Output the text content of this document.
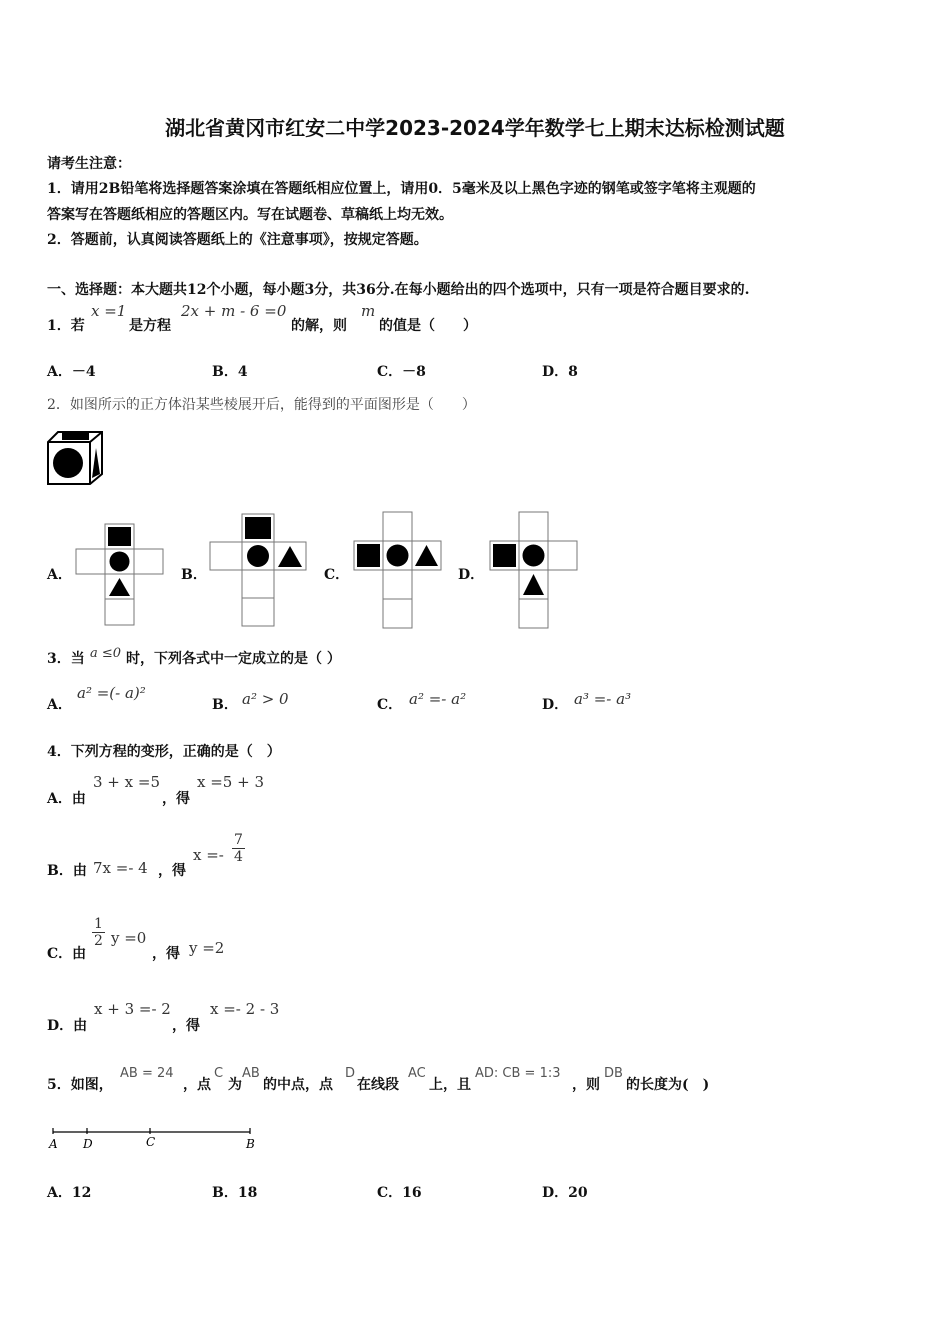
湖北省黄冈市红安二中学2023-2024学年数学七上期末达标检测试题
请考生注意：
1．请用2B铅笔将选择题答案涂填在答题纸相应位置上，请用0．5毫米及以上黑色字迹的钢笔或签字笔将主观题的
答案写在答题纸相应的答题区内。写在试题卷、草稿纸上均无效。
2．答题前，认真阅读答题纸上的《注意事项》，按规定答题。
一、选择题：本大题共12个小题，每小题3分，共36分.在每小题给出的四个选项中，只有一项是符合题目要求的.
1．若
x =1
是方程
2x + m - 6 =0
的解，则
m
的值是（　　）
A．－4	B．4	C．－8	D．8
2．如图所示的正方体沿某些棱展开后，能得到的平面图形是（　　）
A．	B．	C．	D．
3．当 a ≤0 时，下列各式中一定成立的是（ ）
A．
a² =(- a)²
B． a² > 0	C． a² =- a²	D． a³ =- a³
4．下列方程的变形，正确的是（　）
A．由
3 + x =5
，得
x =5 + 3
B．由 7x =- 4 ，得
$x =- \frac{7}{4}$
C．由
$\frac{1}{2}$ y =0
，得 y =2
D．由
x + 3 =- 2
，得
x =- 2 - 3
5．如图，
AB = 24
，点
C
为
AB
的中点，点
D
在线段
AC
上，且
AD: CB = 1:3
，则
DB
的长度为(　)
A D	C	B
A．12	B．18	C．16	D．20
